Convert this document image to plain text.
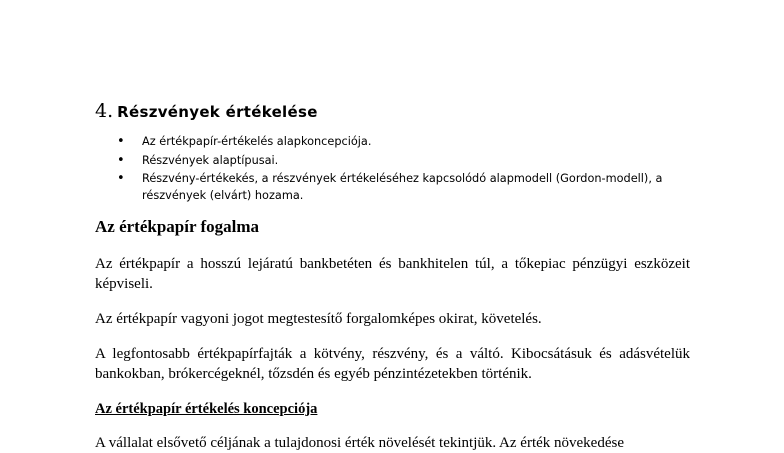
4. Részvények értékelése
• Az értékpapír-értékelés alapkoncepciója.
• Részvények alaptípusai.
• Részvény-értékekés, a részvények értékeléséhez kapcsolódó alapmodell (Gordon-modell), a részvények (elvárt) hozama.
Az értékpapír fogalma

Az értékpapír a hosszú lejáratú bankbetéten és bankhitelen túl, a tőkepiac pénzügyi eszközeit képviseli.

Az értékpapír vagyoni jogot megtestesítő forgalomképes okirat, követelés.

A legfontosabb értékpapírfajták a kötvény, részvény, és a váltó. Kibocsátásuk és adásvételük bankokban, brókercégeknél, tőzsdén és egyéb pénzintézetekben történik.

Az értékpapír értékelés koncepciója

A vállalat elsővető céljának a tulajdonosi érték növelését tekintjük. Az érték növekedése
